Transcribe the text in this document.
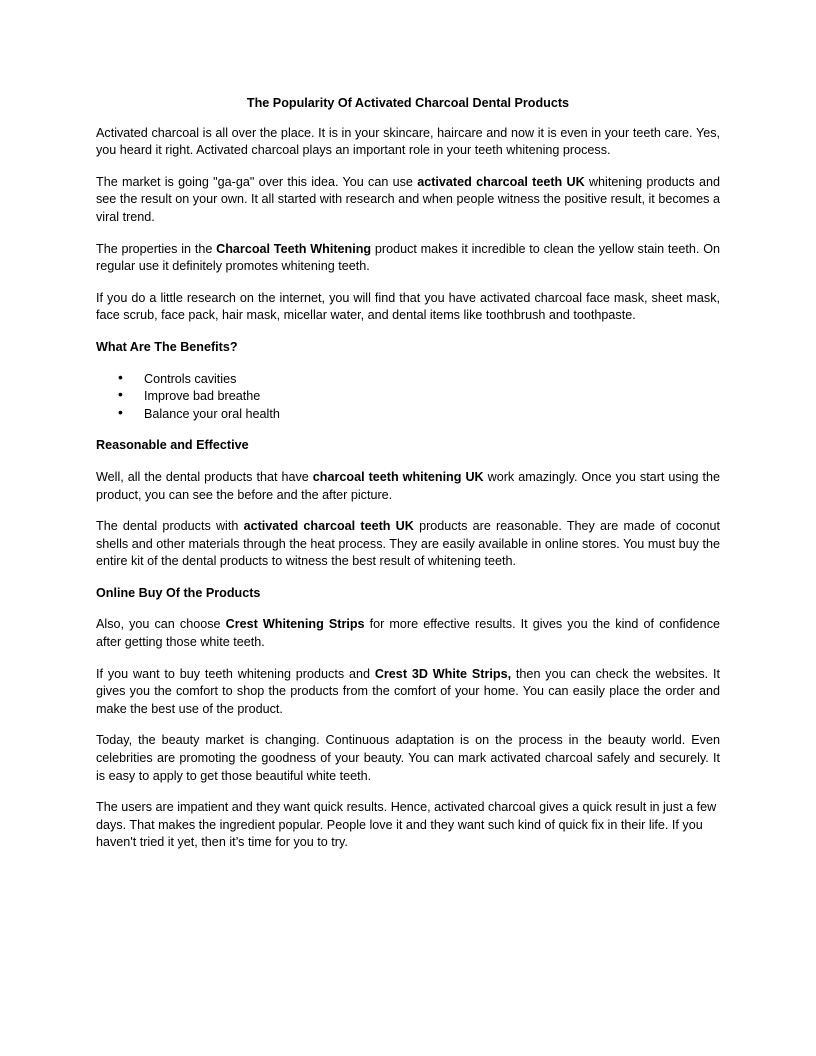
The Popularity Of Activated Charcoal Dental Products

Activated charcoal is all over the place. It is in your skincare, haircare and now it is even in your teeth care. Yes, you heard it right. Activated charcoal plays an important role in your teeth whitening process.

The market is going "ga-ga" over this idea. You can use activated charcoal teeth UK whitening products and see the result on your own. It all started with research and when people witness the positive result, it becomes a viral trend.

The properties in the Charcoal Teeth Whitening product makes it incredible to clean the yellow stain teeth. On regular use it definitely promotes whitening teeth.

If you do a little research on the internet, you will find that you have activated charcoal face mask, sheet mask, face scrub, face pack, hair mask, micellar water, and dental items like toothbrush and toothpaste.

What Are The Benefits?
• Controls cavities
• Improve bad breathe
• Balance your oral health
Reasonable and Effective

Well, all the dental products that have charcoal teeth whitening UK work amazingly. Once you start using the product, you can see the before and the after picture.

The dental products with activated charcoal teeth UK products are reasonable. They are made of coconut shells and other materials through the heat process. They are easily available in online stores. You must buy the entire kit of the dental products to witness the best result of whitening teeth.

Online Buy Of the Products

Also, you can choose Crest Whitening Strips for more effective results. It gives you the kind of confidence after getting those white teeth.

If you want to buy teeth whitening products and Crest 3D White Strips, then you can check the websites. It gives you the comfort to shop the products from the comfort of your home. You can easily place the order and make the best use of the product.

Today, the beauty market is changing. Continuous adaptation is on the process in the beauty world. Even celebrities are promoting the goodness of your beauty. You can mark activated charcoal safely and securely. It is easy to apply to get those beautiful white teeth.

The users are impatient and they want quick results. Hence, activated charcoal gives a quick result in just a few days. That makes the ingredient popular. People love it and they want such kind of quick fix in their life. If you haven't tried it yet, then it’s time for you to try.
